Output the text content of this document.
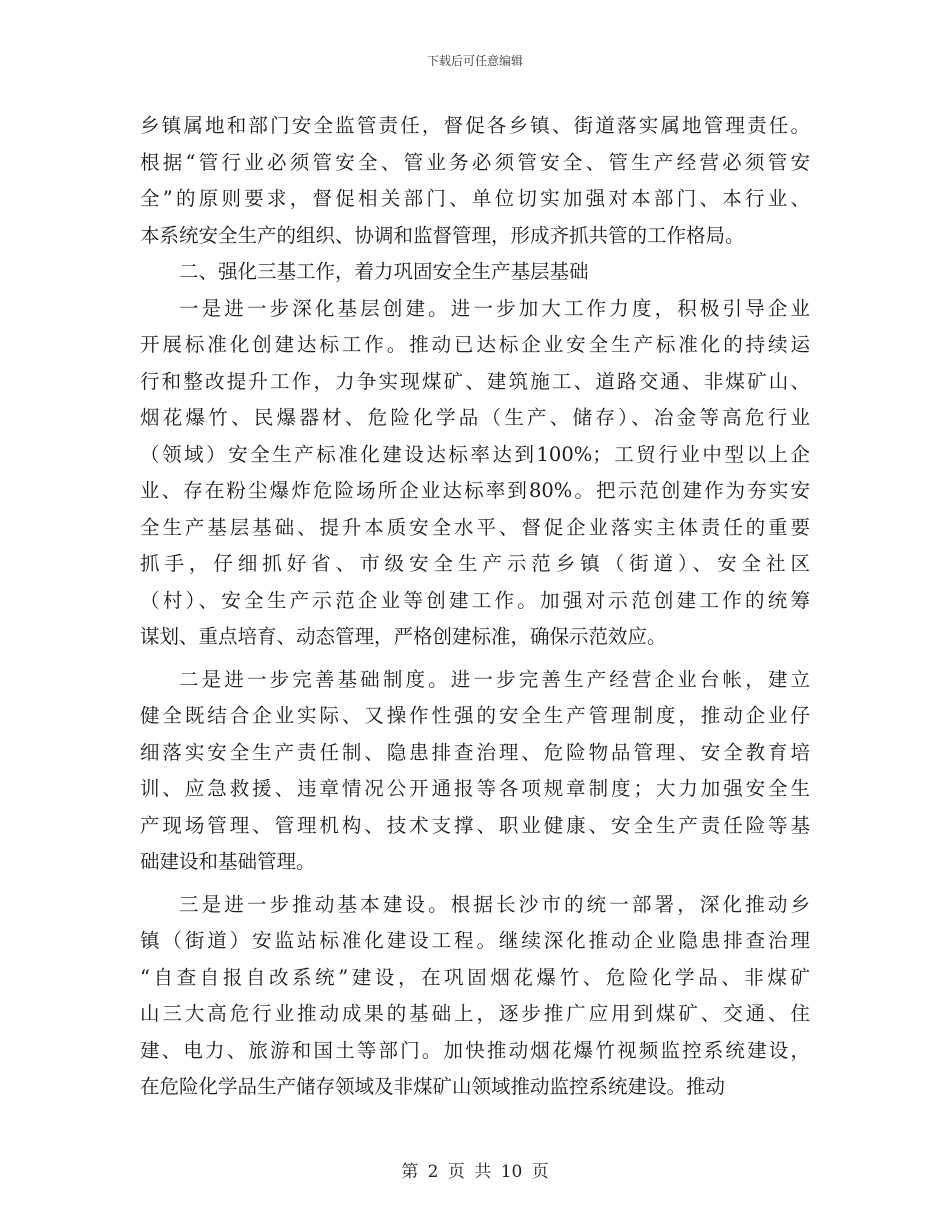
下载后可任意编辑
乡镇属地和部门安全监管责任，督促各乡镇、街道落实属地管理责任。
根据“管行业必须管安全、管业务必须管安全、管生产经营必须管安
全”的原则要求，督促相关部门、单位切实加强对本部门、本行业、
本系统安全生产的组织、协调和监督管理，形成齐抓共管的工作格局。
二、强化三基工作，着力巩固安全生产基层基础
一是进一步深化基层创建。进一步加大工作力度，积极引导企业
开展标准化创建达标工作。推动已达标企业安全生产标准化的持续运
行和整改提升工作，力争实现煤矿、建筑施工、道路交通、非煤矿山、
烟花爆竹、民爆器材、危险化学品（生产、储存）、冶金等高危行业
（领域）安全生产标准化建设达标率达到100%；工贸行业中型以上企
业、存在粉尘爆炸危险场所企业达标率到80%。把示范创建作为夯实安
全生产基层基础、提升本质安全水平、督促企业落实主体责任的重要
抓手，仔细抓好省、市级安全生产示范乡镇（街道）、安全社区
（村）、安全生产示范企业等创建工作。加强对示范创建工作的统筹
谋划、重点培育、动态管理，严格创建标准，确保示范效应。
二是进一步完善基础制度。进一步完善生产经营企业台帐，建立
健全既结合企业实际、又操作性强的安全生产管理制度，推动企业仔
细落实安全生产责任制、隐患排查治理、危险物品管理、安全教育培
训、应急救援、违章情况公开通报等各项规章制度；大力加强安全生
产现场管理、管理机构、技术支撑、职业健康、安全生产责任险等基
础建设和基础管理。
三是进一步推动基本建设。根据长沙市的统一部署，深化推动乡
镇（街道）安监站标准化建设工程。继续深化推动企业隐患排查治理
“自查自报自改系统”建设，在巩固烟花爆竹、危险化学品、非煤矿
山三大高危行业推动成果的基础上，逐步推广应用到煤矿、交通、住
建、电力、旅游和国土等部门。加快推动烟花爆竹视频监控系统建设，
在危险化学品生产储存领域及非煤矿山领域推动监控系统建设。推动
第 2 页 共 10 页
